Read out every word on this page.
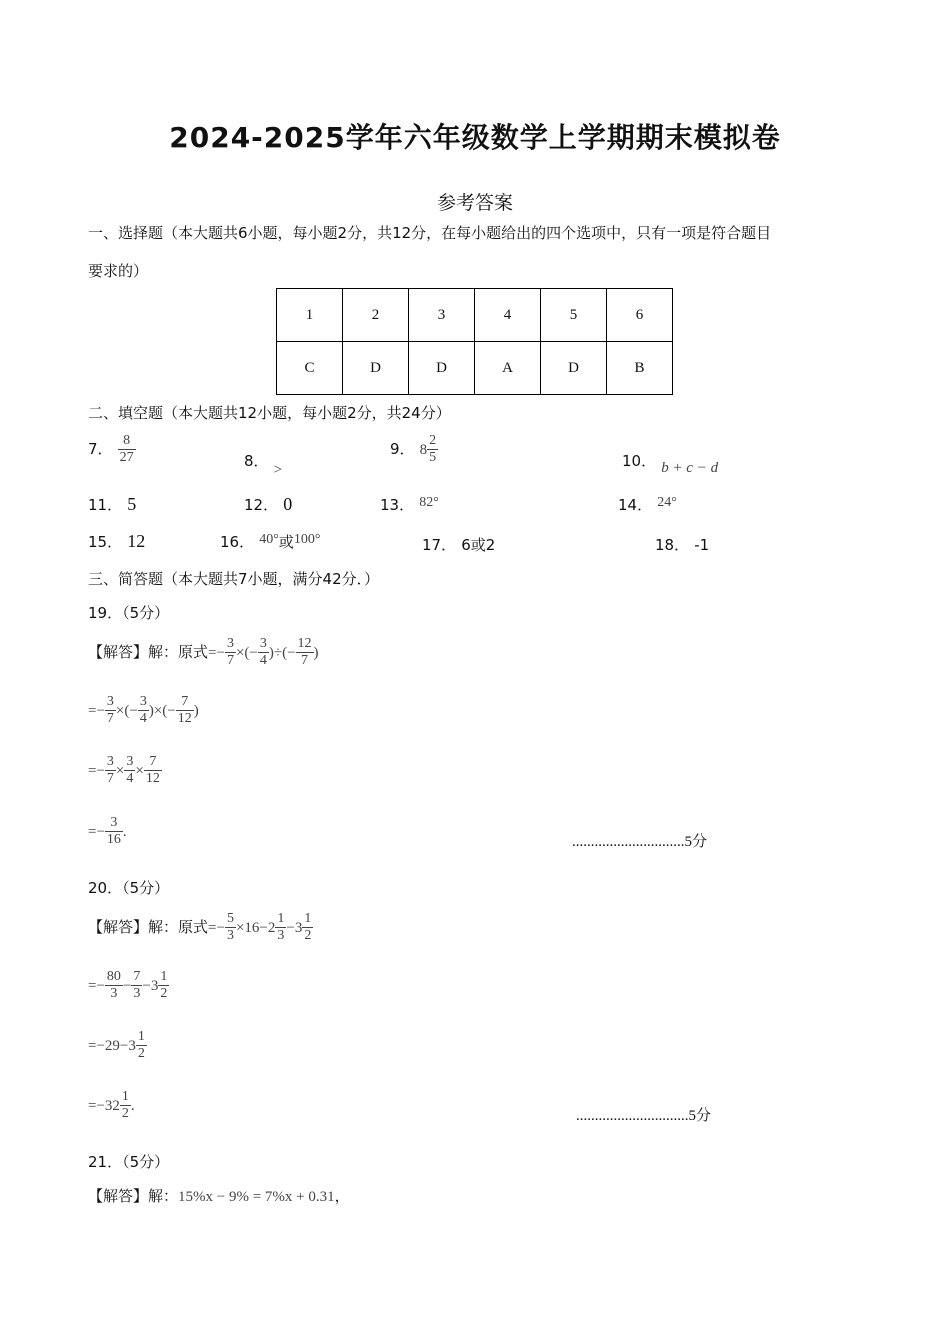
2024-2025学年六年级数学上学期期末模拟卷
参考答案
一、选择题（本大题共6小题，每小题2分，共12分，在每小题给出的四个选项中，只有一项是符合题目
要求的）
1	2	3	4	5	6
C	D	D	A	D	B
二、填空题（本大题共12小题，每小题2分，共24分）
7． $\frac{8}{27}$	8． >
9． $8 \frac{2}{5}$	10． b + c − d
11． 5	12． 0	13． 82°	14． 24°
15． 12	16． 40°或100°	17． 6或2	18． -1
三、简答题（本大题共7小题，满分42分．）
19．（5分）
【解答】解：原式=− $\frac{3}{7}$ ×(− $\frac{3}{4}$ )÷(− $\frac{12}{7}$ )
=− $\frac{3}{7}$ ×(− $\frac{3}{4}$ )×(− $\frac{7}{12}$ )
=− $\frac{3}{7} \times \frac{3}{4} \times \frac{7}{12}$
=− $\frac{3}{16}$ .
..............................5分
20．（5分）
【解答】解：原式=− $\frac{5}{3} \times 16-2 \frac{1}{3} -3 \frac{1}{2}$
=− $\frac{80}{3} - \frac{7}{3} -3 \frac{1}{2}$
$=-29-3 \frac{1}{2}$
$=-32 \frac{1}{2}$ .
..............................5分
21．（5分）
【解答】解：15%x − 9% = 7%x + 0.31，
